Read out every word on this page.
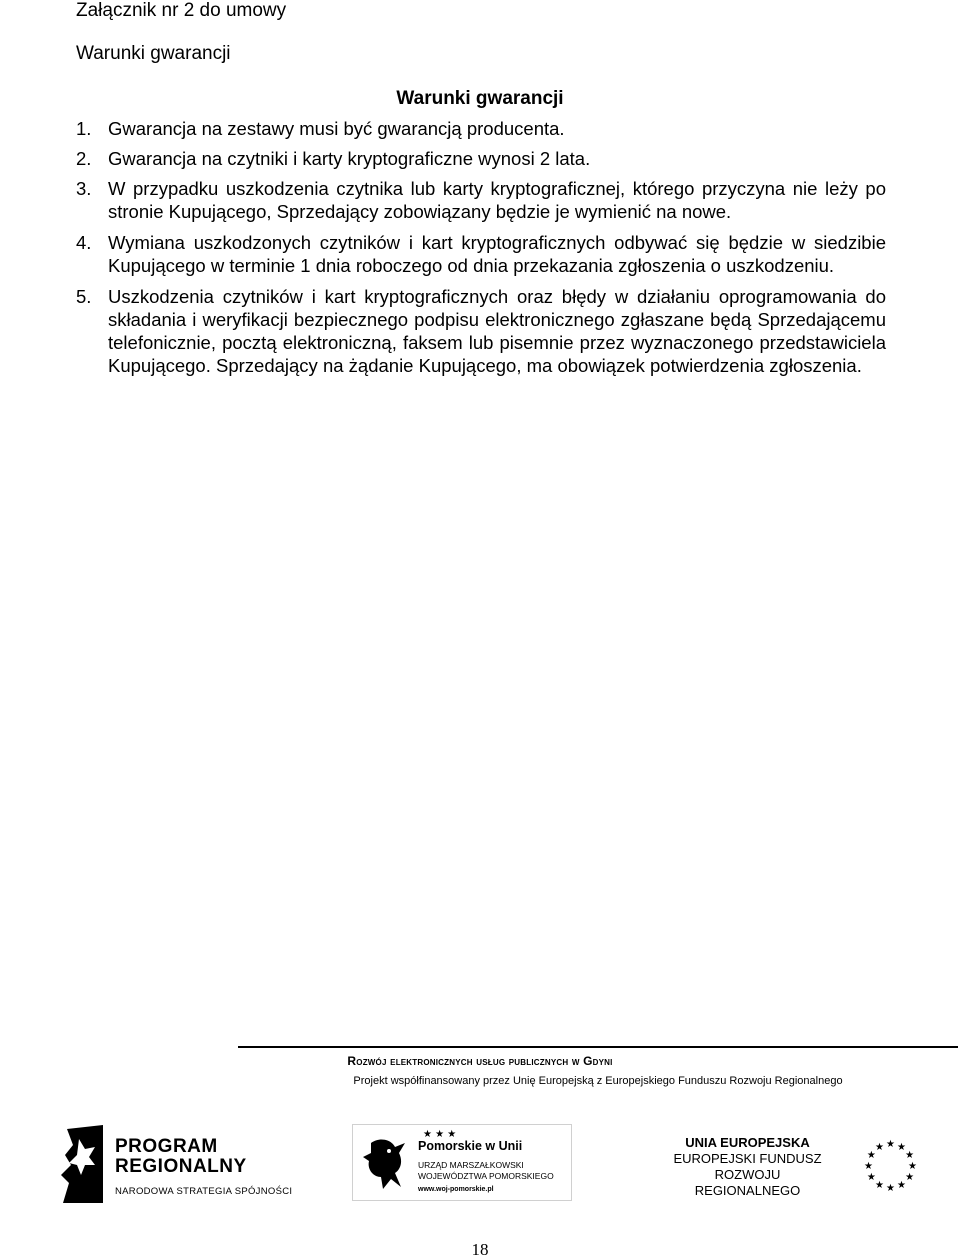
Załącznik nr 2 do umowy
Warunki gwarancji
Warunki gwarancji
1. Gwarancja na zestawy musi być gwarancją producenta.
2. Gwarancja na czytniki i karty kryptograficzne wynosi 2 lata.
3. W przypadku uszkodzenia czytnika lub karty kryptograficznej, którego przyczyna nie leży po stronie Kupującego, Sprzedający zobowiązany będzie je wymienić na nowe.
4. Wymiana uszkodzonych czytników i kart kryptograficznych odbywać się będzie w siedzibie Kupującego w terminie 1 dnia roboczego od dnia przekazania zgłoszenia o uszkodzeniu.
5. Uszkodzenia czytników i kart kryptograficznych oraz błędy w działaniu oprogramowania do składania i weryfikacji bezpiecznego podpisu elektronicznego zgłaszane będą Sprzedającemu telefonicznie, pocztą elektroniczną, faksem lub pisemnie przez wyznaczonego przedstawiciela Kupującego. Sprzedający na żądanie Kupującego, ma obowiązek potwierdzenia zgłoszenia.
Rozwój elektronicznych usług publicznych w Gdyni
Projekt współfinansowany przez Unię Europejską z Europejskiego Funduszu Rozwoju Regionalnego
PROGRAM
REGIONALNY
NARODOWA STRATEGIA SPÓJNOŚCI
★ ★ ★
Pomorskie w Unii
URZĄD MARSZAŁKOWSKI
WOJEWÓDZTWA POMORSKIEGO
www.woj-pomorskie.pl
UNIA EUROPEJSKA
EUROPEJSKI FUNDUSZ
ROZWOJU REGIONALNEGO
★ ★
★
★
★
★
★
★
★
★
★
★
18
